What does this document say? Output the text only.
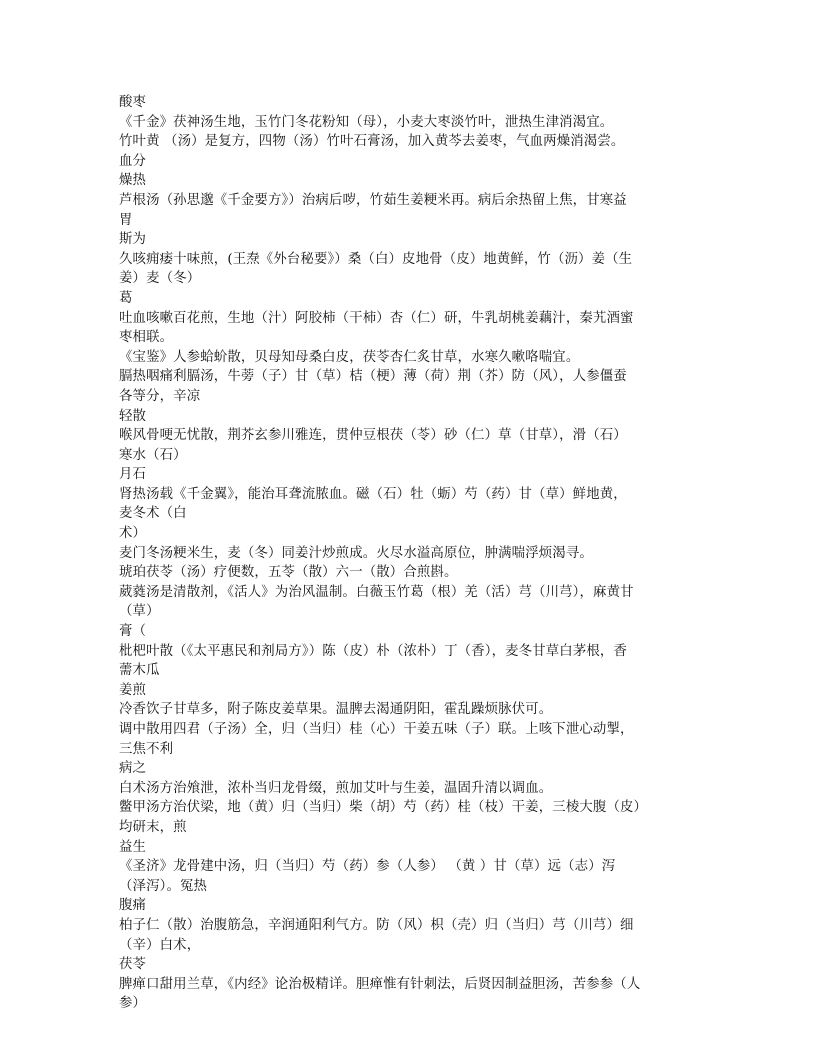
酸枣
《千金》茯神汤生地，玉竹门冬花粉知（母），小麦大枣淡竹叶，泄热生津消渴宜。
竹叶黄 （汤）是复方，四物（汤）竹叶石膏汤，加入黄芩去姜枣，气血两燥消渴尝。
血分
燥热
芦根汤（孙思邈《千金要方》）治病后哕，竹茹生姜粳米再。病后余热留上焦，甘寒益
胃
斯为
久咳痈痿十味煎，(王焘《外台秘要》）桑（白）皮地骨（皮）地黄鲜，竹（沥）姜（生
姜）麦（冬）
葛
吐血咳嗽百花煎，生地（汁）阿胶柿（干柿）杏（仁）研，牛乳胡桃姜藕汁，秦艽酒蜜
枣相联。
《宝鉴》人参蛤蚧散，贝母知母桑白皮，茯苓杏仁炙甘草，水寒久嗽咯喘宜。
膈热咽痛利膈汤，牛蒡（子）甘（草）桔（梗）薄（荷）荆（芥）防（风），人参僵蚕
各等分，辛凉
轻散
喉风骨哽无忧散，荆芥玄参川雅连，贯仲豆根茯（苓）砂（仁）草（甘草），滑（石）
寒水（石）
月石
肾热汤载《千金翼》，能治耳聋流脓血。磁（石）牡（蛎）芍（药）甘（草）鲜地黄，
麦冬术（白
术）
麦门冬汤粳米生，麦（冬）同姜汁炒煎成。火尽水溢高原位，肿满喘浮烦渴寻。
琥珀茯苓（汤）疗便数，五苓（散）六一（散）合煎斟。
葳蕤汤是清散剂，《活人》为治风温制。白薇玉竹葛（根）羌（活）芎（川芎），麻黄甘
（草）
膏（
枇杷叶散（《太平惠民和剂局方》）陈（皮）朴（浓朴）丁（香），麦冬甘草白茅根，香
薷木瓜
姜煎
冷香饮子甘草多，附子陈皮姜草果。温脾去渴通阴阳，霍乱躁烦脉伏可。
调中散用四君（子汤）全，归（当归）桂（心）干姜五味（子）联。上咳下泄心动掣，
三焦不利
病之
白术汤方治飧泄，浓朴当归龙骨缀，煎加艾叶与生姜，温固升清以调血。
鳖甲汤方治伏梁，地（黄）归（当归）柴（胡）芍（药）桂（枝）干姜，三棱大腹（皮）
均研末，煎
益生
《圣济》龙骨建中汤，归（当归）芍（药）参（人参） （黄 ）甘（草）远（志）泻
（泽泻）。冤热
腹痛
柏子仁（散）治腹筋急，辛润通阳利气方。防（风）枳（壳）归（当归）芎（川芎）细
（辛）白术，
茯苓
脾瘅口甜用兰草，《内经》论治极精详。胆瘅惟有针刺法，后贤因制益胆汤，苦参参（人
参）
